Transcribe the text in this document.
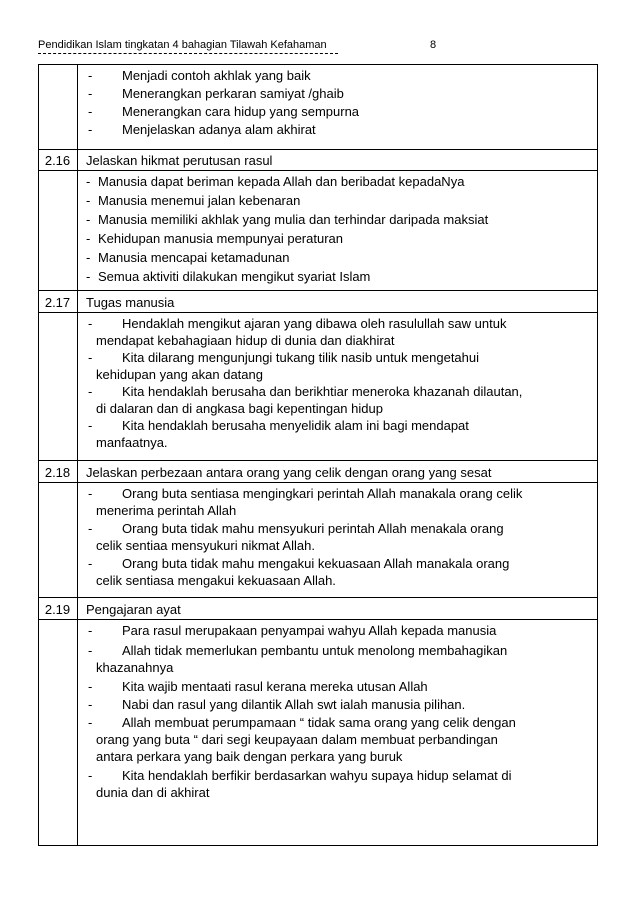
Pendidikan Islam tingkatan 4 bahagian Tilawah Kefahaman	8
- Menjadi contoh akhlak yang baik
- Menerangkan perkaran samiyat /ghaib
- Menerangkan cara hidup yang sempurna
- Menjelaskan adanya alam akhirat
2.16	Jelaskan hikmat perutusan rasul
- Manusia dapat beriman kepada Allah dan beribadat kepadaNya
- Manusia menemui jalan kebenaran
- Manusia memiliki akhlak yang mulia dan terhindar daripada maksiat
- Kehidupan manusia mempunyai peraturan
- Manusia mencapai ketamadunan
- Semua aktiviti dilakukan mengikut syariat Islam
2.17	Tugas manusia
- Hendaklah mengikut ajaran yang dibawa oleh rasulullah saw untuk
mendapat kebahagiaan hidup di dunia dan diakhirat
- Kita dilarang mengunjungi tukang tilik nasib untuk mengetahui
kehidupan yang akan datang
- Kita hendaklah berusaha dan berikhtiar meneroka khazanah dilautan,
di dalaran dan di angkasa bagi kepentingan hidup
- Kita hendaklah berusaha menyelidik alam ini bagi mendapat
manfaatnya.
2.18	Jelaskan perbezaan antara orang yang celik dengan orang yang sesat
- Orang buta sentiasa mengingkari perintah Allah manakala orang celik
menerima perintah Allah
- Orang buta tidak mahu mensyukuri perintah Allah menakala orang
celik sentiaa mensyukuri nikmat Allah.
- Orang buta tidak mahu mengakui kekuasaan Allah manakala orang
celik sentiasa mengakui kekuasaan Allah.
2.19	Pengajaran ayat
- Para rasul merupakaan penyampai wahyu Allah kepada manusia
- Allah tidak memerlukan pembantu untuk menolong membahagikan
khazanahnya
- Kita wajib mentaati rasul kerana mereka utusan Allah
- Nabi dan rasul yang dilantik Allah swt ialah manusia pilihan.
- Allah membuat perumpamaan “ tidak sama orang yang celik dengan
orang yang buta “ dari segi keupayaan dalam membuat perbandingan
antara perkara yang baik dengan perkara yang buruk
- Kita hendaklah berfikir berdasarkan wahyu supaya hidup selamat di
dunia dan di akhirat
